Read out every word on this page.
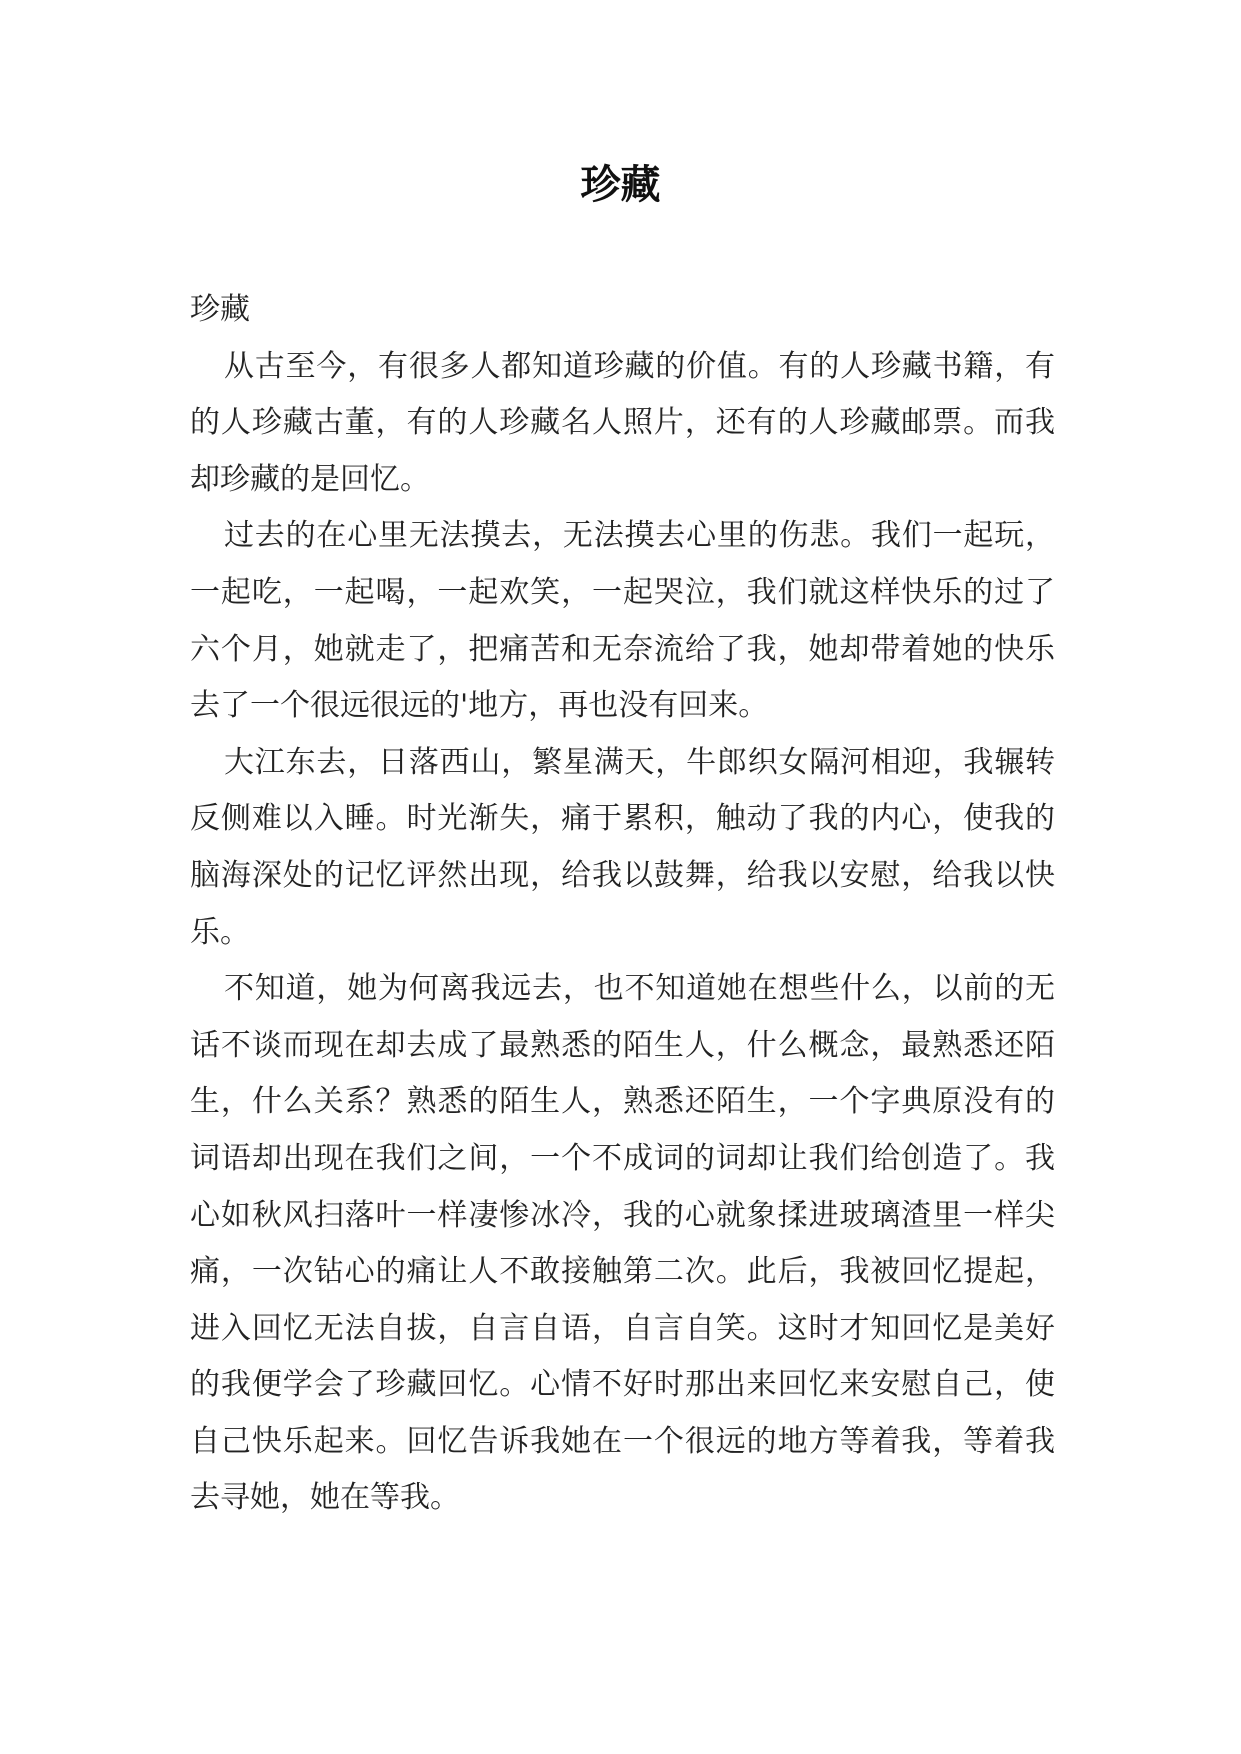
珍藏

珍藏

从古至今，有很多人都知道珍藏的价值。有的人珍藏书籍，有的人珍藏古董，有的人珍藏名人照片，还有的人珍藏邮票。而我却珍藏的是回忆。

过去的在心里无法摸去，无法摸去心里的伤悲。我们一起玩，一起吃，一起喝，一起欢笑，一起哭泣，我们就这样快乐的过了六个月，她就走了，把痛苦和无奈流给了我，她却带着她的快乐去了一个很远很远的'地方，再也没有回来。

大江东去，日落西山，繁星满天，牛郎织女隔河相迎，我辗转反侧难以入睡。时光渐失，痛于累积，触动了我的内心，使我的脑海深处的记忆评然出现，给我以鼓舞，给我以安慰，给我以快乐。

不知道，她为何离我远去，也不知道她在想些什么，以前的无话不谈而现在却去成了最熟悉的陌生人，什么概念，最熟悉还陌生，什么关系？熟悉的陌生人，熟悉还陌生，一个字典原没有的词语却出现在我们之间，一个不成词的词却让我们给创造了。我心如秋风扫落叶一样凄惨冰冷，我的心就象揉进玻璃渣里一样尖痛，一次钻心的痛让人不敢接触第二次。此后，我被回忆提起，进入回忆无法自拔，自言自语，自言自笑。这时才知回忆是美好的我便学会了珍藏回忆。心情不好时那出来回忆来安慰自己，使自己快乐起来。回忆告诉我她在一个很远的地方等着我，等着我去寻她，她在等我。
